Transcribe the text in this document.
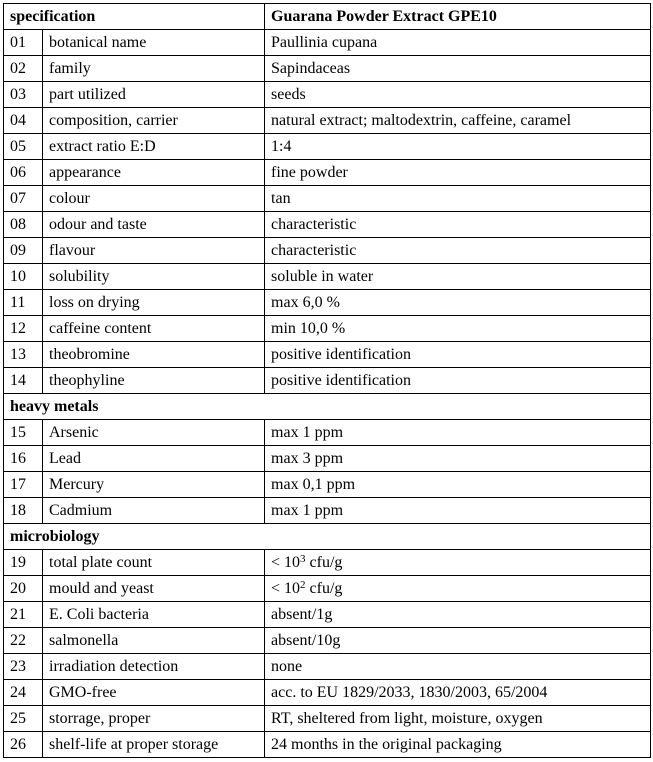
specification		Guarana Powder Extract GPE10
01	botanical name	Paullinia cupana
02	family	Sapindaceas
03	part utilized	seeds
04	composition, carrier	natural extract; maltodextrin, caffeine, caramel
05	extract ratio E:D	1:4
06	appearance	fine powder
07	colour	tan
08	odour and taste	characteristic
09	flavour	characteristic
10	solubility	soluble in water
11	loss on drying	max 6,0 %
12	caffeine content	min 10,0 %
13	theobromine	positive identification
14	theophyline	positive identification
heavy metals		
15	Arsenic	max 1 ppm
16	Lead	max 3 ppm
17	Mercury	max 0,1 ppm
18	Cadmium	max 1 ppm
microbiology		
19	total plate count	< $10^3$ cfu/g
20	mould and yeast	< $10^2$ cfu/g
21	E. Coli bacteria	absent/1g
22	salmonella	absent/10g
23	irradiation detection	none
24	GMO-free	acc. to EU 1829/2033, 1830/2003, 65/2004
25	storrage, proper	RT, sheltered from light, moisture, oxygen
26	shelf-life at proper storage	24 months in the original packaging
